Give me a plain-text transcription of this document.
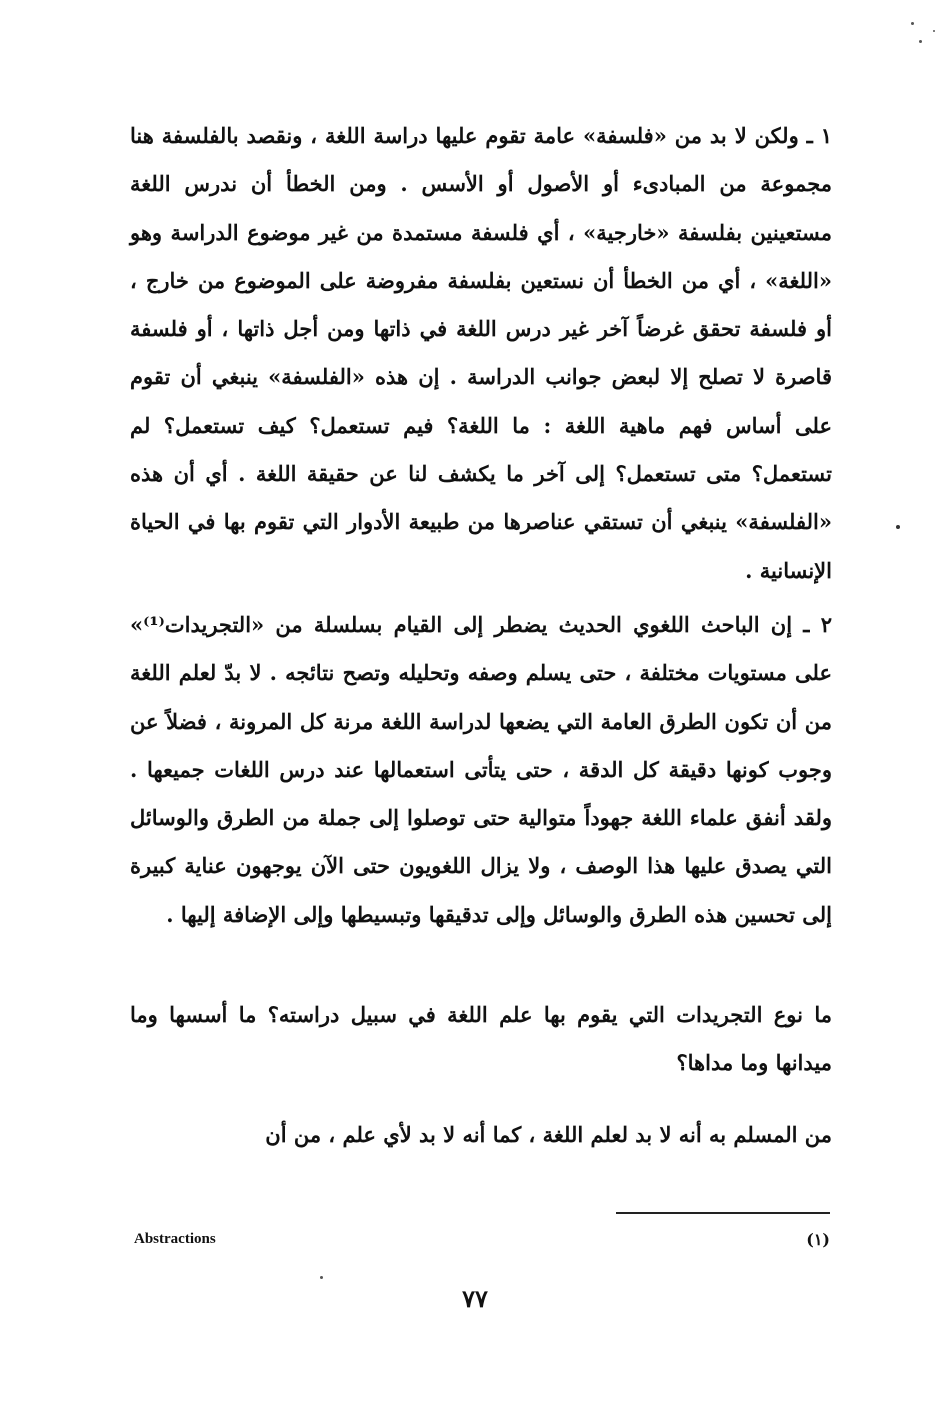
١ ـ ولكن لا بد من «فلسفة» عامة تقوم عليها دراسة اللغة ، ونقصد بالفلسفة هنا مجموعة من المبادىء أو الأصول أو الأسس . ومن الخطأ أن ندرس اللغة مستعينين بفلسفة «خارجية» ، أي فلسفة مستمدة من غير موضوع الدراسة وهو «اللغة» ، أي من الخطأ أن نستعين بفلسفة مفروضة على الموضوع من خارج ، أو فلسفة تحقق غرضاً آخر غير درس اللغة في ذاتها ومن أجل ذاتها ، أو فلسفة قاصرة لا تصلح إلا لبعض جوانب الدراسة . إن هذه «الفلسفة» ينبغي أن تقوم على أساس فهم ماهية اللغة : ما اللغة؟ فيم تستعمل؟ كيف تستعمل؟ لم تستعمل؟ متى تستعمل؟ إلى آخر ما يكشف لنا عن حقيقة اللغة . أي أن هذه «الفلسفة» ينبغي أن تستقي عناصرها من طبيعة الأدوار التي تقوم بها في الحياة الإنسانية .

٢ ـ إن الباحث اللغوي الحديث يضطر إلى القيام بسلسلة من «التجريدات⁽¹⁾» على مستويات مختلفة ، حتى يسلم وصفه وتحليله وتصح نتائجه . لا بدّ لعلم اللغة من أن تكون الطرق العامة التي يضعها لدراسة اللغة مرنة كل المرونة ، فضلاً عن وجوب كونها دقيقة كل الدقة ، حتى يتأتى استعمالها عند درس اللغات جميعها . ولقد أنفق علماء اللغة جهوداً متوالية حتى توصلوا إلى جملة من الطرق والوسائل التي يصدق عليها هذا الوصف ، ولا يزال اللغويون حتى الآن يوجهون عناية كبيرة إلى تحسين هذه الطرق والوسائل وإلى تدقيقها وتبسيطها وإلى الإضافة إليها .

ما نوع التجريدات التي يقوم بها علم اللغة في سبيل دراسته؟ ما أسسها وما ميدانها وما مداها؟

من المسلم به أنه لا بد لعلم اللغة ، كما أنه لا بد لأي علم ، من أن

(١)
Abstractions
٧٧
